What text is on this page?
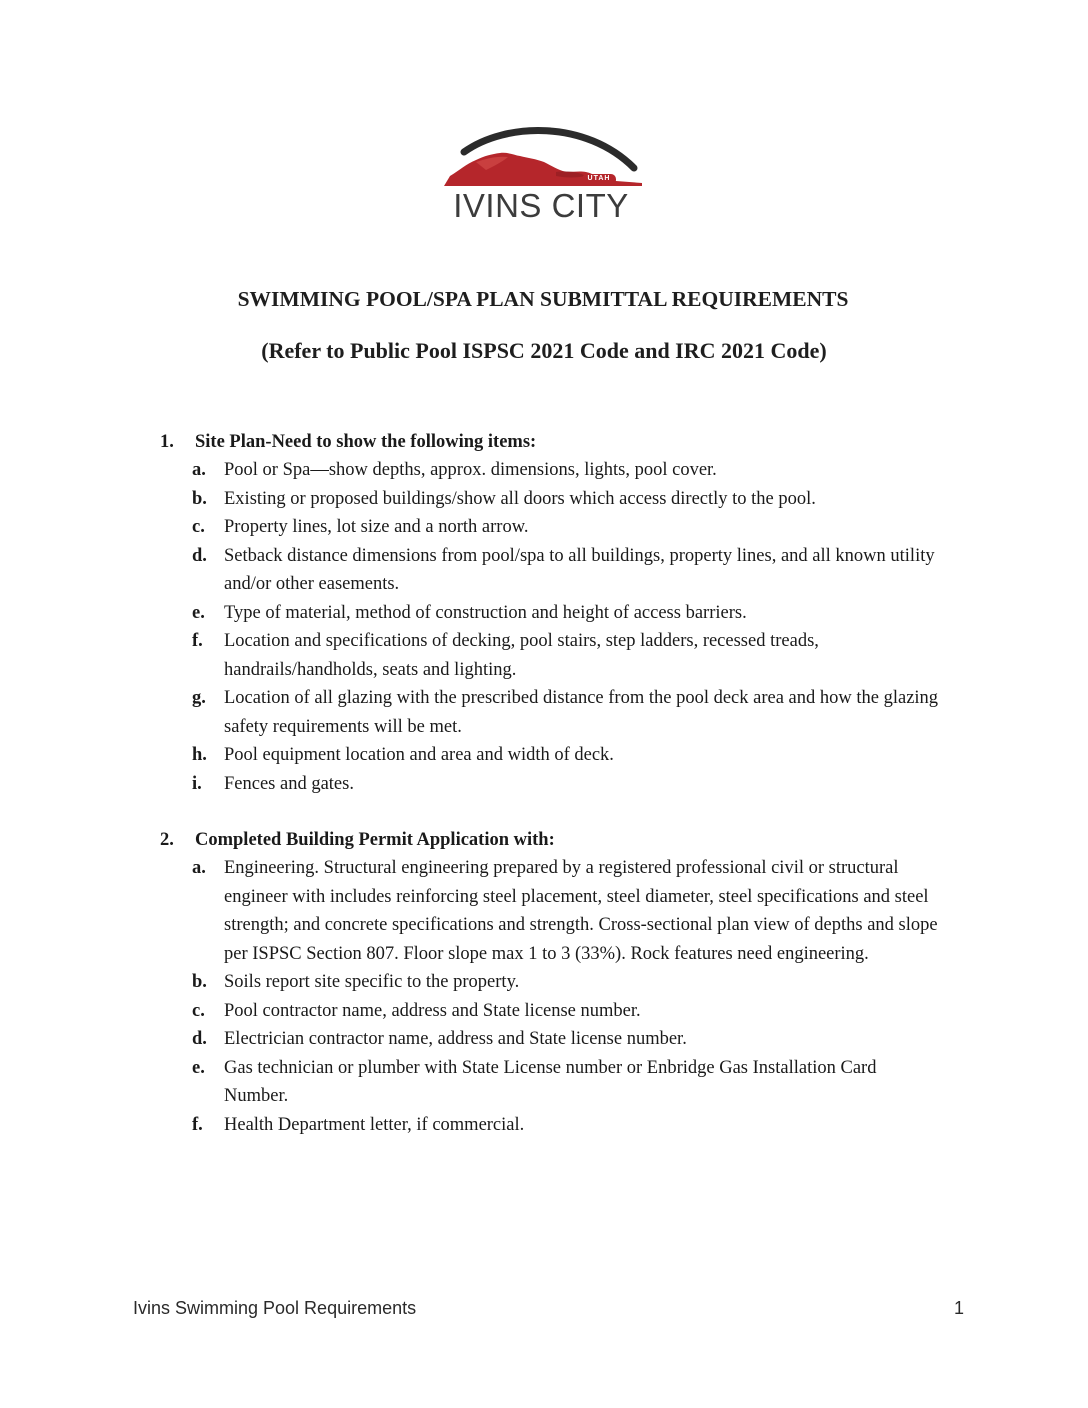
UTAH
IVINS CITY
SWIMMING POOL/SPA PLAN SUBMITTAL REQUIREMENTS
(Refer to Public Pool ISPSC 2021 Code and IRC 2021 Code)
1.	Site Plan-Need to show the following items:
a. Pool or Spa—show depths, approx. dimensions, lights, pool cover.
b. Existing or proposed buildings/show all doors which access directly to the pool.
c.	Property lines, lot size and a north arrow.
d. Setback distance dimensions from pool/spa to all buildings, property lines, and all known utility and/or other easements.
e.	Type of material, method of construction and height of access barriers.
f.	Location and specifications of decking, pool stairs, step ladders, recessed treads, handrails/handholds, seats and lighting.
g. Location of all glazing with the prescribed distance from the pool deck area and how the glazing safety requirements will be met.
h. Pool equipment location and area and width of deck.
i.	Fences and gates.
2.	Completed Building Permit Application with:
a. Engineering. Structural engineering prepared by a registered professional civil or structural engineer with includes reinforcing steel placement, steel diameter, steel specifications and steel strength; and concrete specifications and strength. Cross-sectional plan view of depths and slope per ISPSC Section 807. Floor slope max 1 to 3 (33%). Rock features need engineering.
b. Soils report site specific to the property.
c.	Pool contractor name, address and State license number.
d. Electrician contractor name, address and State license number.
e.	Gas technician or plumber with State License number or Enbridge Gas Installation Card Number.
f.	Health Department letter, if commercial.
Ivins Swimming Pool Requirements	1
